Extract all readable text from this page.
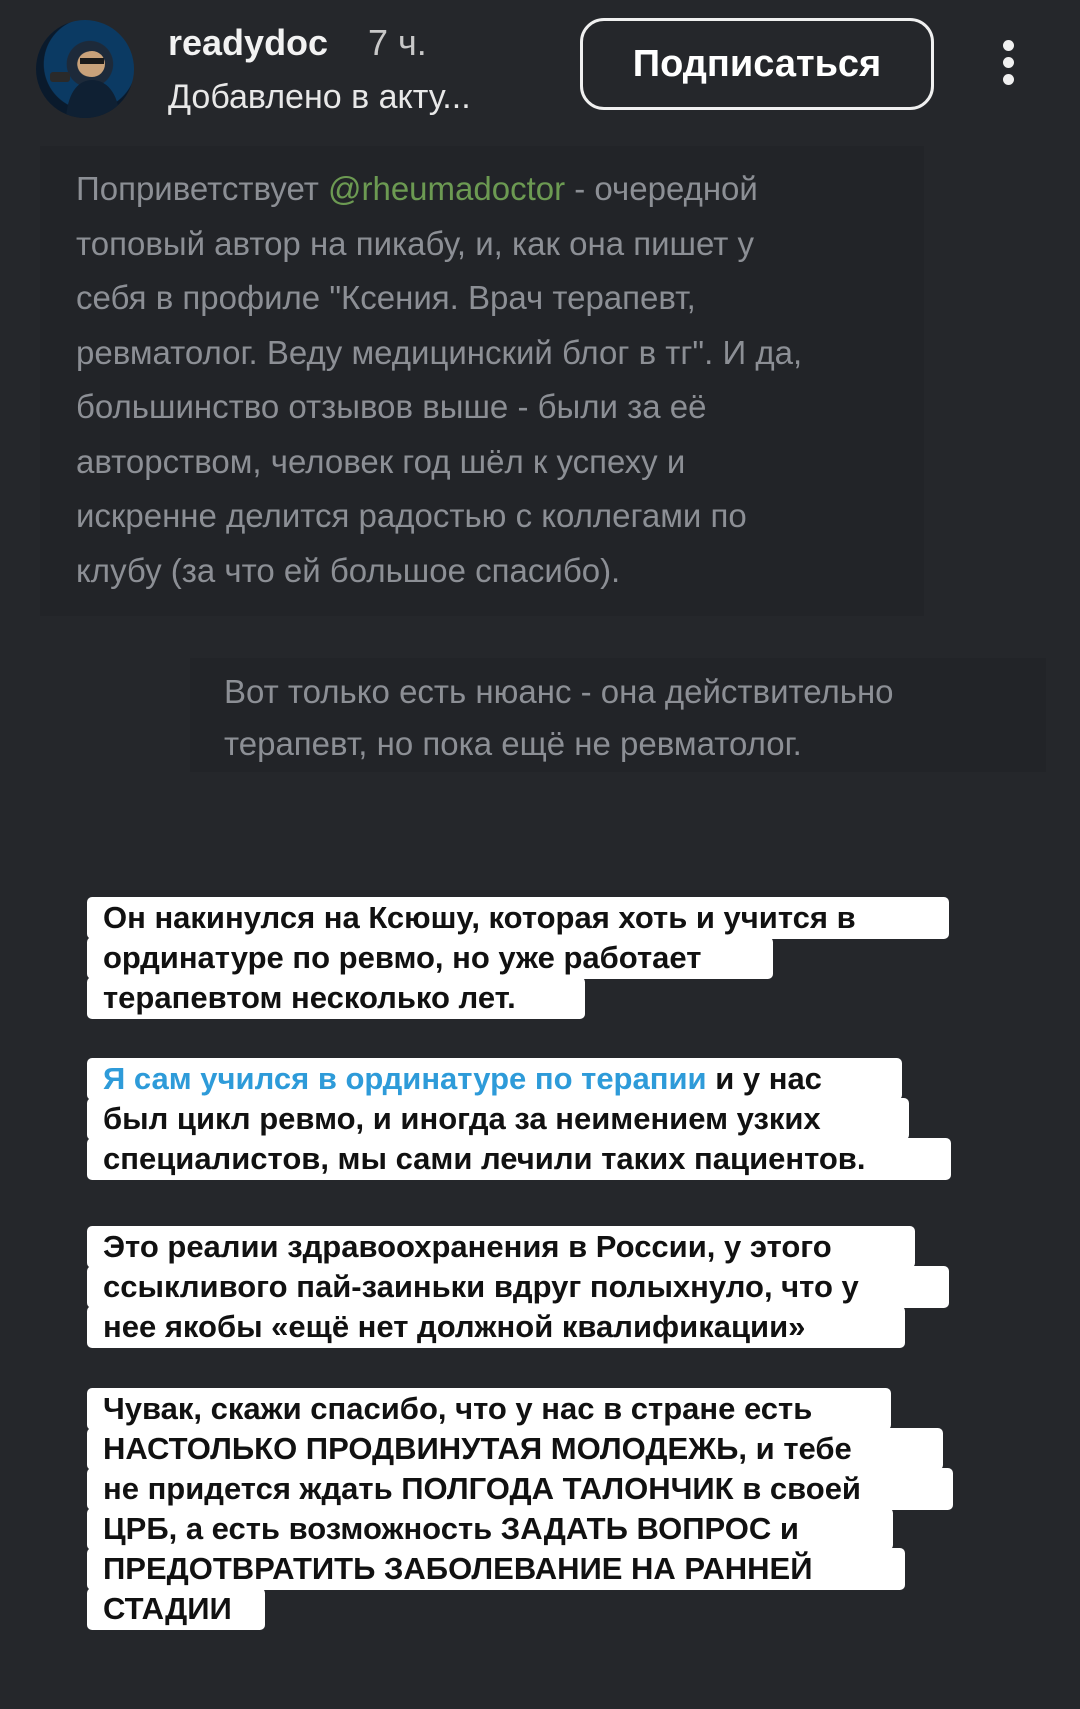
readydoc 7 ч.
Добавлено в акту...
Подписаться

Поприветствует @rheumadoctor - очередной
топовый автор на пикабу, и, как она пишет у
себя в профиле "Ксения. Врач терапевт,
ревматолог. Веду медицинский блог в тг". И да,
большинство отзывов выше - были за её
авторством, человек год шёл к успеху и
искренне делится радостью с коллегами по
клубу (за что ей большое спасибо).

Вот только есть нюанс - она действительно
терапевт, но пока ещё не ревматолог.

Он накинулся на Ксюшу, которая хоть и учится в
ординатуре по ревмо, но уже работает
терапевтом несколько лет.
Я сам учился в ординатуре по терапии и у нас
был цикл ревмо, и иногда за неимением узких
специалистов, мы сами лечили таких пациентов.
Это реалии здравоохранения в России, у этого
ссыкливого пай-заиньки вдруг полыхнуло, что у
нее якобы «ещё нет должной квалификации»
Чувак, скажи спасибо, что у нас в стране есть
НАСТОЛЬКО ПРОДВИНУТАЯ МОЛОДЕЖЬ, и тебе
не придется ждать ПОЛГОДА ТАЛОНЧИК в своей
ЦРБ, а есть возможность ЗАДАТЬ ВОПРОС и
ПРЕДОТВРАТИТЬ ЗАБОЛЕВАНИЕ НА РАННЕЙ
СТАДИИ
